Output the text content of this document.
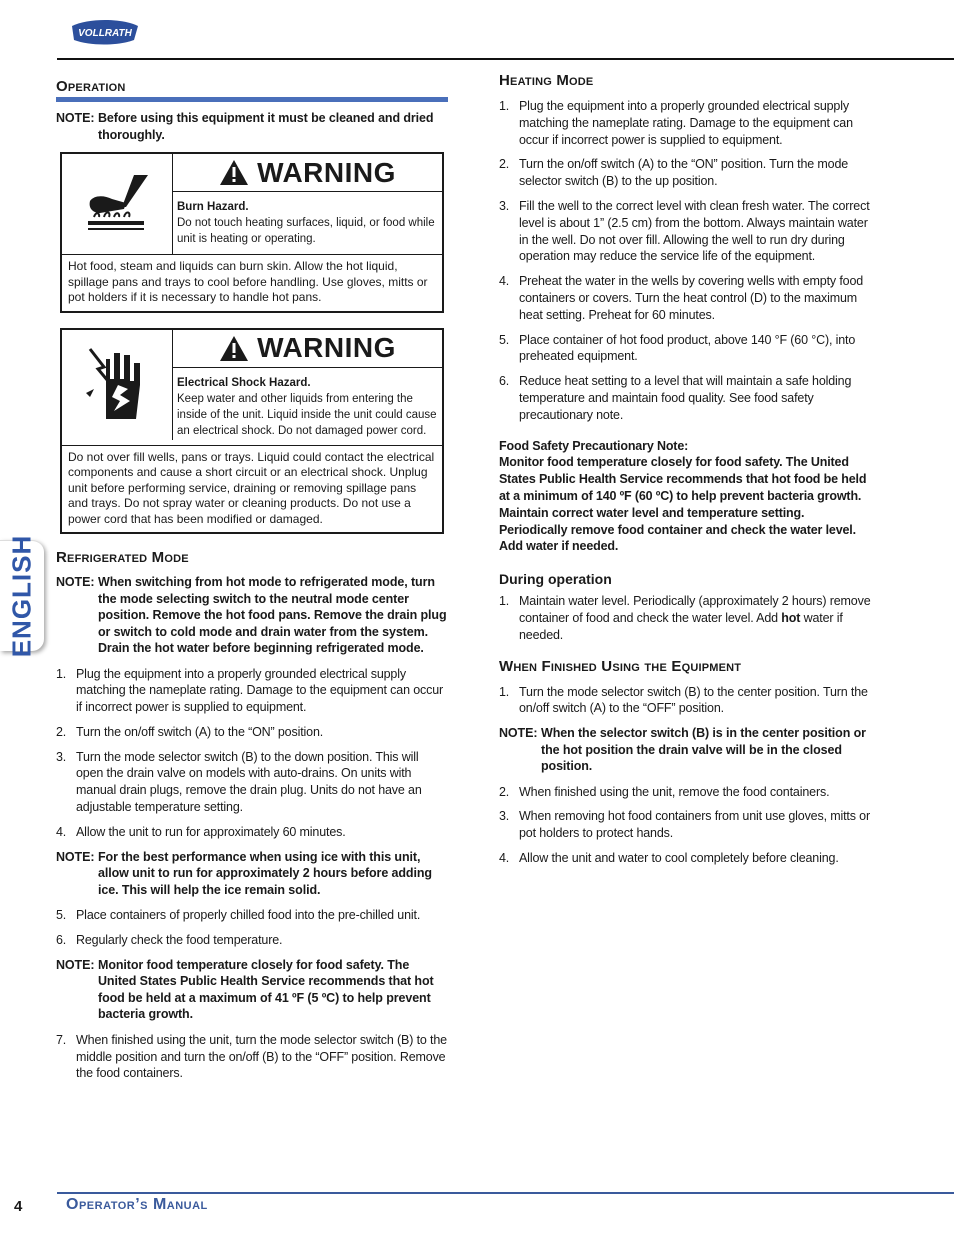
VOLLRATH
ENGLISH
Operation
NOTE: Before using this equipment it must be cleaned and dried thoroughly.
WARNING
Burn Hazard.
Do not touch heating surfaces, liquid, or food while unit is heating or operating.
Hot food, steam and liquids can burn skin. Allow the hot liquid, spillage pans and trays to cool before handling. Use gloves, mitts or pot holders if it is necessary to handle hot pans.
WARNING
Electrical Shock Hazard.
Keep water and other liquids from entering the inside of the unit. Liquid inside the unit could cause an electrical shock. Do not damaged power cord.
Do not over fill wells, pans or trays. Liquid could contact the electrical components and cause a short circuit or an electrical shock. Unplug unit before performing service, draining or removing spillage pans and trays. Do not spray water or cleaning products. Do not use a power cord that has been modified or damaged.
Refrigerated Mode
NOTE: When switching from hot mode to refrigerated mode, turn the mode selecting switch to the neutral mode center position. Remove the hot food pans. Remove the drain plug or switch to cold mode and drain water from the system. Drain the hot water before beginning refrigerated mode.
1. Plug the equipment into a properly grounded electrical supply matching the nameplate rating. Damage to the equipment can occur if incorrect power is supplied to equipment.
2. Turn the on/off switch (A) to the “ON” position.
3. Turn the mode selector switch (B) to the down position. This will open the drain valve on models with auto-drains. On units with manual drain plugs, remove the drain plug. Units do not have an adjustable temperature setting.
4. Allow the unit to run for approximately 60 minutes.
NOTE: For the best performance when using ice with this unit, allow unit to run for approximately 2 hours before adding ice. This will help the ice remain solid.
5. Place containers of properly chilled food into the pre-chilled unit.
6. Regularly check the food temperature.
NOTE: Monitor food temperature closely for food safety. The United States Public Health Service recommends that hot food be held at a maximum of 41 ºF (5 ºC) to help prevent bacteria growth.
7. When finished using the unit, turn the mode selector switch (B) to the middle position and turn the on/off (B) to the “OFF” position. Remove the food containers.
Heating Mode
1. Plug the equipment into a properly grounded electrical supply matching the nameplate rating. Damage to the equipment can occur if incorrect power is supplied to equipment.
2. Turn the on/off switch (A) to the “ON” position. Turn the mode selector switch (B) to the up position.
3. Fill the well to the correct level with clean fresh water. The correct level is about 1” (2.5 cm) from the bottom. Always maintain water in the well. Do not over fill. Allowing the well to run dry during operation may reduce the service life of the equipment.
4. Preheat the water in the wells by covering wells with empty food containers or covers. Turn the heat control (D) to the maximum heat setting. Preheat for 60 minutes.
5. Place container of hot food product, above 140 °F (60 °C), into preheated equipment.
6. Reduce heat setting to a level that will maintain a safe holding temperature and maintain food quality. See food safety precautionary note.
Food Safety Precautionary Note:
Monitor food temperature closely for food safety. The United States Public Health Service recommends that hot food be held at a minimum of 140 ºF (60 ºC) to help prevent bacteria growth. Maintain correct water level and temperature setting. Periodically remove food container and check the water level. Add water if needed.
During operation
1. Maintain water level. Periodically (approximately 2 hours) remove container of food and check the water level. Add hot water if needed.
When Finished Using the Equipment
1. Turn the mode selector switch (B) to the center position. Turn the on/off switch (A) to the “OFF” position.
NOTE: When the selector switch (B) is in the center position or the hot position the drain valve will be in the closed position.
2. When finished using the unit, remove the food containers.
3. When removing hot food containers from unit use gloves, mitts or pot holders to protect hands.
4. Allow the unit and water to cool completely before cleaning.
4	Operator’s Manual
